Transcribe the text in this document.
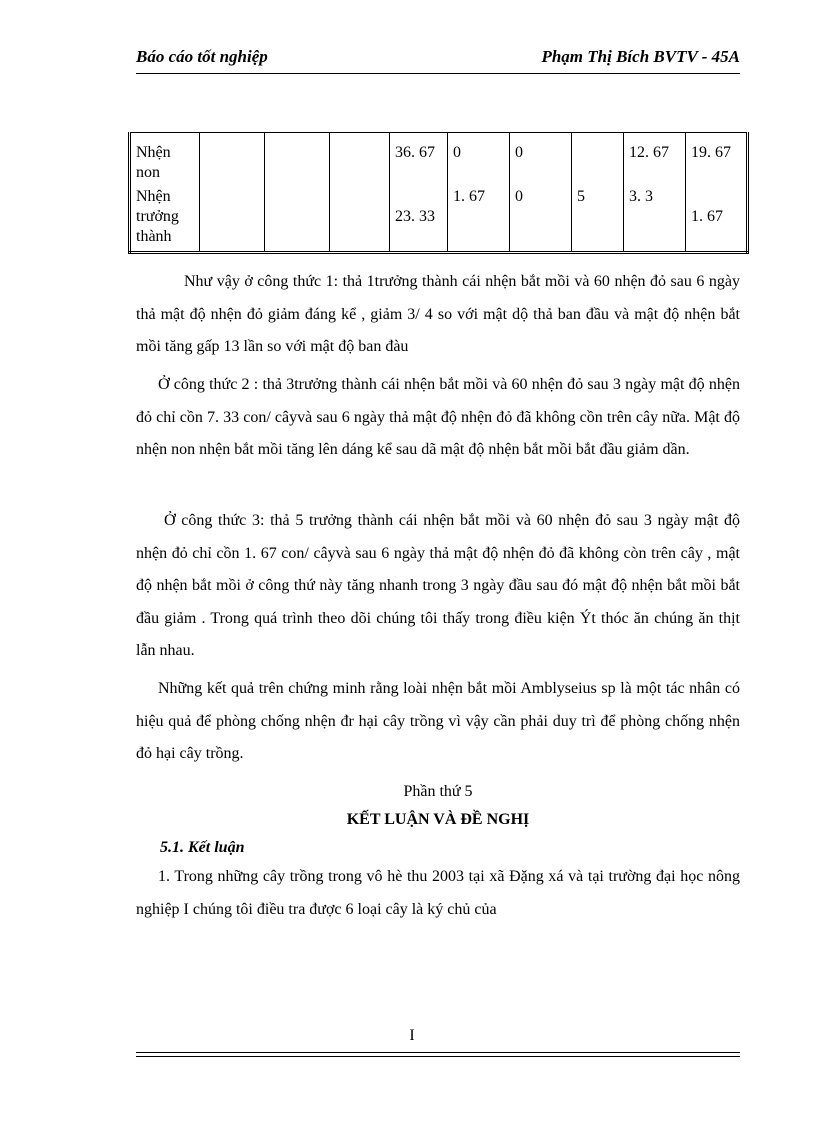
Báo cáo tốt nghiệp	Phạm Thị Bích BVTV - 45A
Nhện non				36. 67	0	0		12. 67	19. 67
Nhện trưởng thành				23. 33	1. 67	0	5	3. 3	1. 67

Như vậy ở công thức 1: thả 1trưởng thành cái nhện bắt mồi và 60 nhện đỏ sau 6 ngày thả mật độ nhện đỏ giảm đáng kể , giảm 3/ 4 so với mật dộ thả ban đầu và mật độ nhện bắt mồi tăng gấp 13 lần so với mật độ ban đàu

Ở công thức 2 : thả 3trưởng thành cái nhện bắt mồi và 60 nhện đỏ sau 3 ngày mật độ nhện đỏ chỉ cồn 7. 33 con/ câyvà sau 6 ngày thả mật độ nhện đỏ đã không cồn trên cây nữa. Mật độ nhện non nhện bắt mồi tăng lên dáng kể sau dã mật độ nhện bắt mồi bắt đầu giảm dần.

Ở công thức 3: thả 5 trưởng thành cái nhện bắt mồi và 60 nhện đỏ sau 3 ngày mật độ nhện đỏ chỉ cồn 1. 67 con/ câyvà sau 6 ngày thả mật độ nhện đỏ đã không còn trên cây , mật độ nhện bắt mồi ở công thứ này tăng nhanh trong 3 ngày đầu sau đó mật độ nhện bắt mồi bắt đầu giảm . Trong quá trình theo dõi chúng tôi thấy trong điều kiện Ýt thóc ăn chúng ăn thịt lẫn nhau.

Những kết quả trên chứng minh rằng loài nhện bắt mồi Amblyseius sp là một tác nhân có hiệu quả để phòng chống nhện đr hại cây trồng vì vậy cần phải duy trì để phòng chống nhện đỏ hại cây trồng.

Phần thứ 5

KẾT LUẬN VÀ ĐỀ NGHỊ

5.1. Kết luận

1. Trong những cây trồng trong vô hè thu 2003 tại xã Đặng xá và tại trường đại học nông nghiệp I chúng tôi điều tra được 6 loại cây là ký chủ của

I
